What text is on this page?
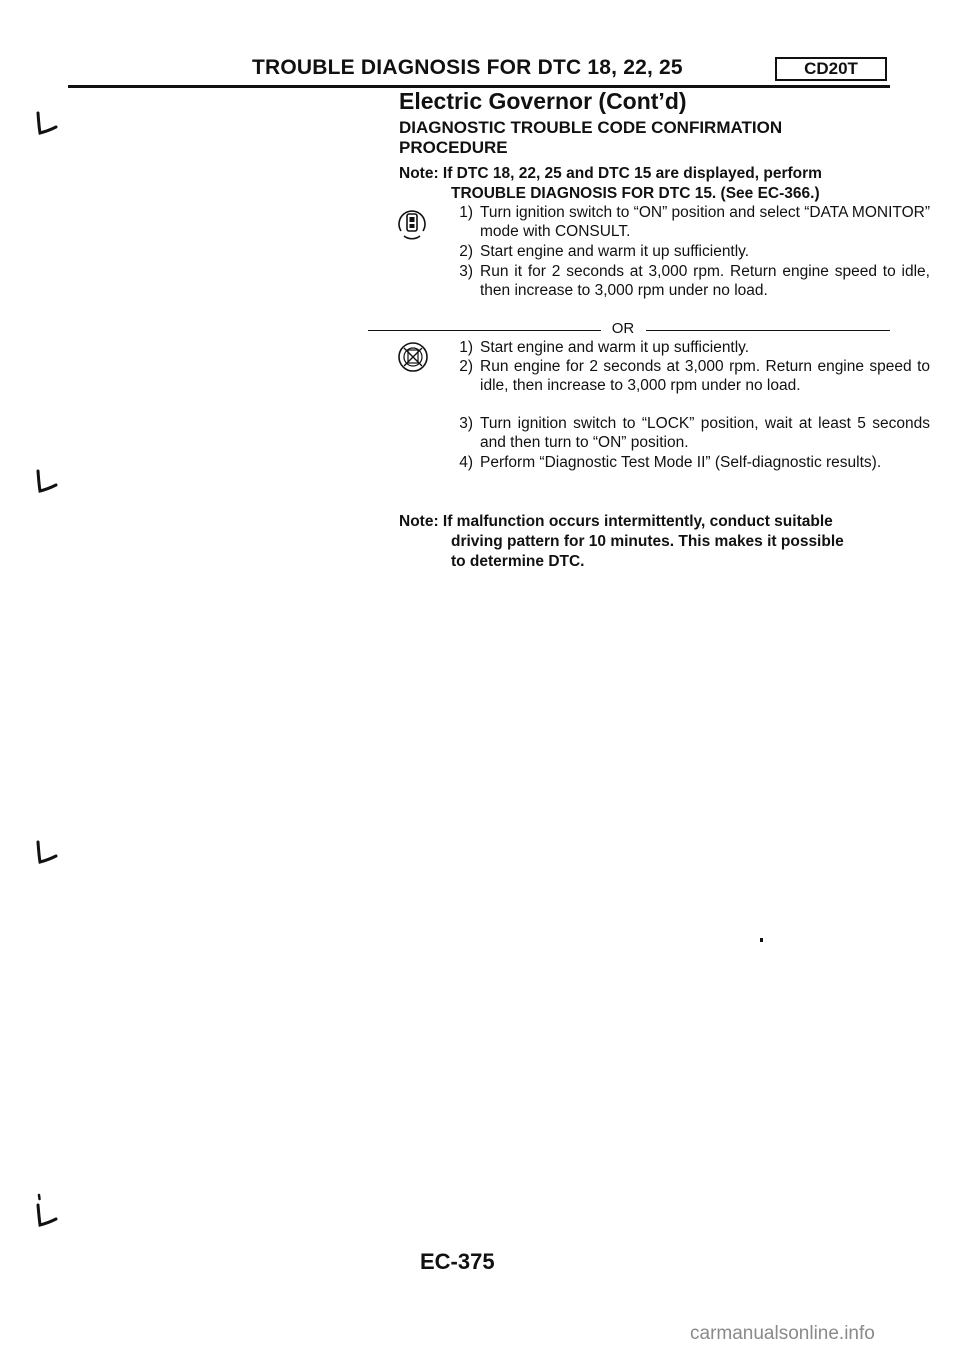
TROUBLE DIAGNOSIS FOR DTC 18, 22, 25	CD20T
Electric Governor (Cont’d)
DIAGNOSTIC TROUBLE CODE CONFIRMATION
PROCEDURE
Note: If DTC 18, 22, 25 and DTC 15 are displayed, perform
TROUBLE DIAGNOSIS FOR DTC 15. (See EC-366.)
1) Turn ignition switch to “ON” position and select “DATA MONITOR” mode with CONSULT.
2) Start engine and warm it up sufficiently.
3) Run it for 2 seconds at 3,000 rpm. Return engine speed to idle, then increase to 3,000 rpm under no load.
OR
1) Start engine and warm it up sufficiently.
2) Run engine for 2 seconds at 3,000 rpm. Return engine speed to idle, then increase to 3,000 rpm under no load.
3) Turn ignition switch to “LOCK” position, wait at least 5 seconds and then turn to “ON” position.
4) Perform “Diagnostic Test Mode II” (Self-diagnostic results).
Note: If malfunction occurs intermittently, conduct suitable
driving pattern for 10 minutes. This makes it possible
to determine DTC.
EC-375
carmanualsonline.info
